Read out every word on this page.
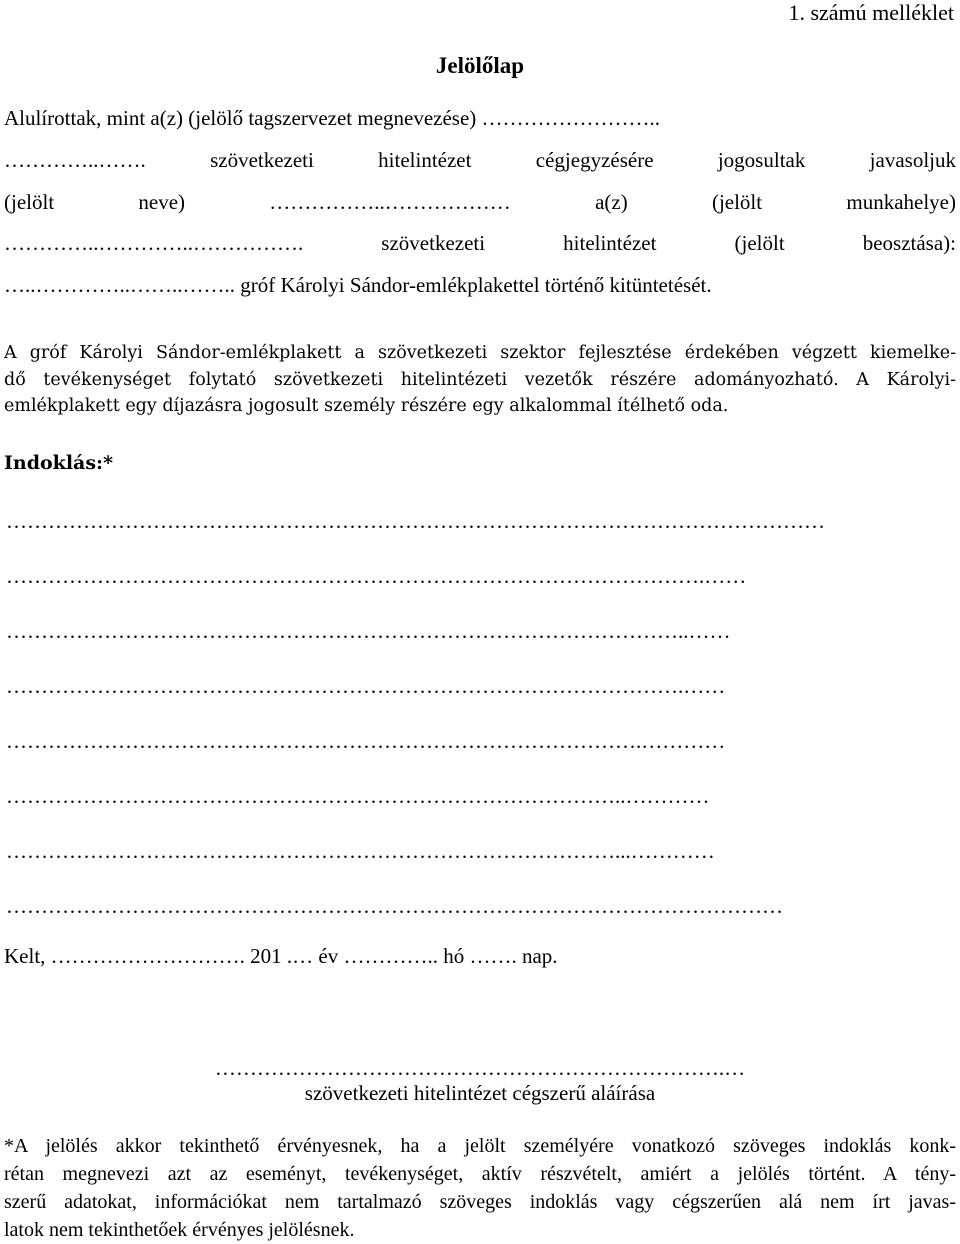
1. számú melléklet
Jelölőlap
Alulírottak, mint a(z) (jelölő tagszervezet megnevezése) ……………………..
…………..……. szövetkezeti hitelintézet cégjegyzésére jogosultak javasoljuk
(jelölt neve) ……………..……………… a(z) (jelölt munkahelye)
…………..…………..……………. szövetkezeti hitelintézet (jelölt beosztása):
…..…………..……..…….. gróf Károlyi Sándor-emlékplakettel történő kitüntetését.
A gróf Károlyi Sándor-emlékplakett a szövetkezeti szektor fejlesztése érdekében végzett kiemelke-
dő tevékenységet folytató szövetkezeti hitelintézeti vezetők részére adományozható. A Károlyi-
emlékplakett egy díjazásra jogosult személy részére egy alkalommal ítélhető oda.
Indoklás:*
………………………………………………………………………………………………………
……………………………………………………………………………………….……
……………………………………………………………………………………..……
…………………………………………………………………………………….……
……………………………………………………………………………….…………
……………………………………………………………………………..…………
……………………………………………………………………………...…………
…………………………………………………………………………………………………
Kelt, ………………………. 201 .… év ………….. hó ……. nap.
……………………………………………………………….…
szövetkezeti hitelintézet cégszerű aláírása
*A jelölés akkor tekinthető érvényesnek, ha a jelölt személyére vonatkozó szöveges indoklás konk-
rétan megnevezi azt az eseményt, tevékenységet, aktív részvételt, amiért a jelölés történt. A tény-
szerű adatokat, információkat nem tartalmazó szöveges indoklás vagy cégszerűen alá nem írt javas-
latok nem tekinthetőek érvényes jelölésnek.
